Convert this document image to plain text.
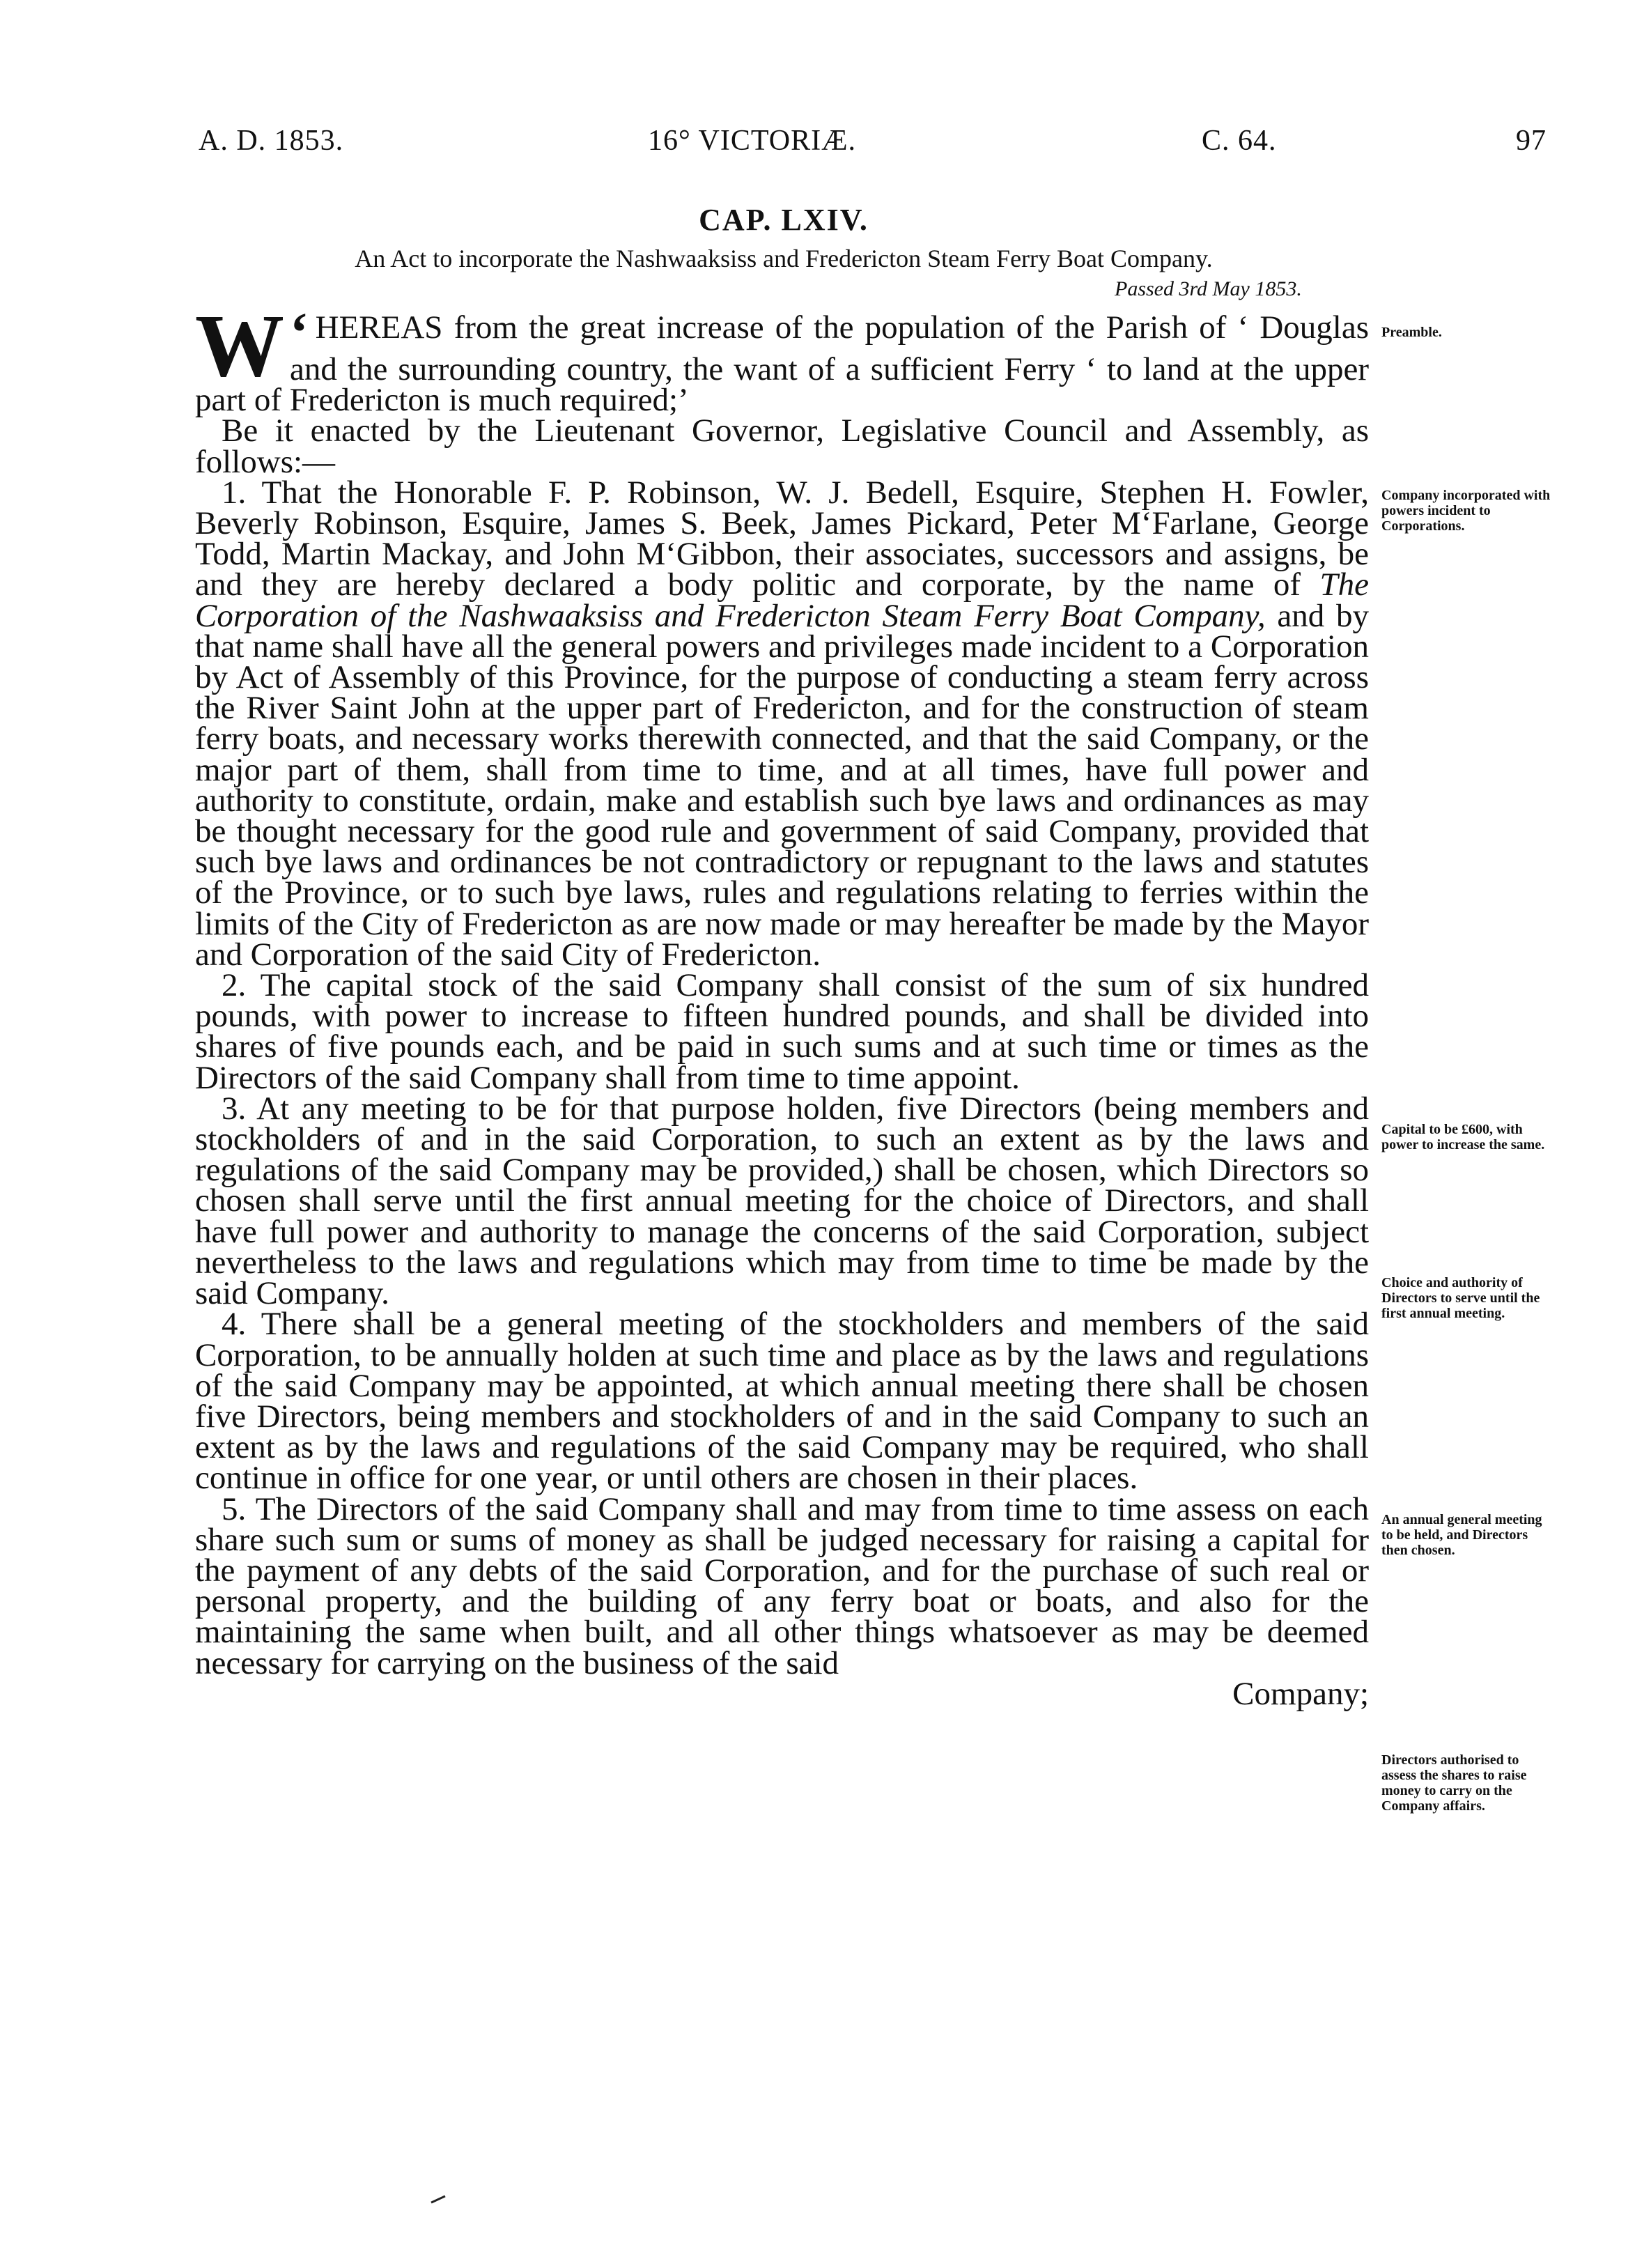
A. D. 1853.	16° VICTORIÆ.	C. 64.	97
CAP. LXIV.
An Act to incorporate the Nashwaaksiss and Fredericton Steam Ferry Boat Company.
Passed 3rd May 1853.

‘
W HEREAS from the great increase of the population of the Parish of ‘ Douglas and the surrounding country, the want of a sufficient Ferry ‘ to land at the upper part of Fredericton is much required;’

Be it enacted by the Lieutenant Governor, Legislative Council and Assembly, as follows:—

1. That the Honorable F. P. Robinson, W. J. Bedell, Esquire, Stephen H. Fowler, Beverly Robinson, Esquire, James S. Beek, James Pickard, Peter M‘Farlane, George Todd, Martin Mackay, and John M‘Gibbon, their associates, successors and assigns, be and they are hereby declared a body politic and corporate, by the name of The Corporation of the Nashwaaksiss and Fredericton Steam Ferry Boat Company, and by that name shall have all the general powers and privileges made incident to a Corporation by Act of Assembly of this Province, for the purpose of conducting a steam ferry across the River Saint John at the upper part of Fredericton, and for the construction of steam ferry boats, and necessary works therewith connected, and that the said Company, or the major part of them, shall from time to time, and at all times, have full power and authority to constitute, ordain, make and establish such bye laws and ordinances as may be thought necessary for the good rule and government of said Company, provided that such bye laws and ordinances be not contradictory or repugnant to the laws and statutes of the Province, or to such bye laws, rules and regulations relating to ferries within the limits of the City of Fredericton as are now made or may hereafter be made by the Mayor and Corporation of the said City of Fredericton.

2. The capital stock of the said Company shall consist of the sum of six hundred pounds, with power to increase to fifteen hundred pounds, and shall be divided into shares of five pounds each, and be paid in such sums and at such time or times as the Directors of the said Company shall from time to time appoint.

3. At any meeting to be for that purpose holden, five Directors (being members and stockholders of and in the said Corporation, to such an extent as by the laws and regulations of the said Company may be provided,) shall be chosen, which Directors so chosen shall serve until the first annual meeting for the choice of Directors, and shall have full power and authority to manage the concerns of the said Corporation, subject nevertheless to the laws and regulations which may from time to time be made by the said Company.

4. There shall be a general meeting of the stockholders and members of the said Corporation, to be annually holden at such time and place as by the laws and regulations of the said Company may be appointed, at which annual meeting there shall be chosen five Directors, being members and stockholders of and in the said Company to such an extent as by the laws and regulations of the said Company may be required, who shall continue in office for one year, or until others are chosen in their places.

5. The Directors of the said Company shall and may from time to time assess on each share such sum or sums of money as shall be judged necessary for raising a capital for the payment of any debts of the said Corporation, and for the purchase of such real or personal property, and the building of any ferry boat or boats, and also for the maintaining the same when built, and all other things whatsoever as may be deemed necessary for carrying on the business of the said

Company;

Preamble.
Company incorporated with powers incident to Corporations.
Capital to be £600, with power to increase the same.
Choice and authority of Directors to serve until the first annual meeting.
An annual general meeting to be held, and Directors then chosen.
Directors authorised to assess the shares to raise money to carry on the Company affairs.
